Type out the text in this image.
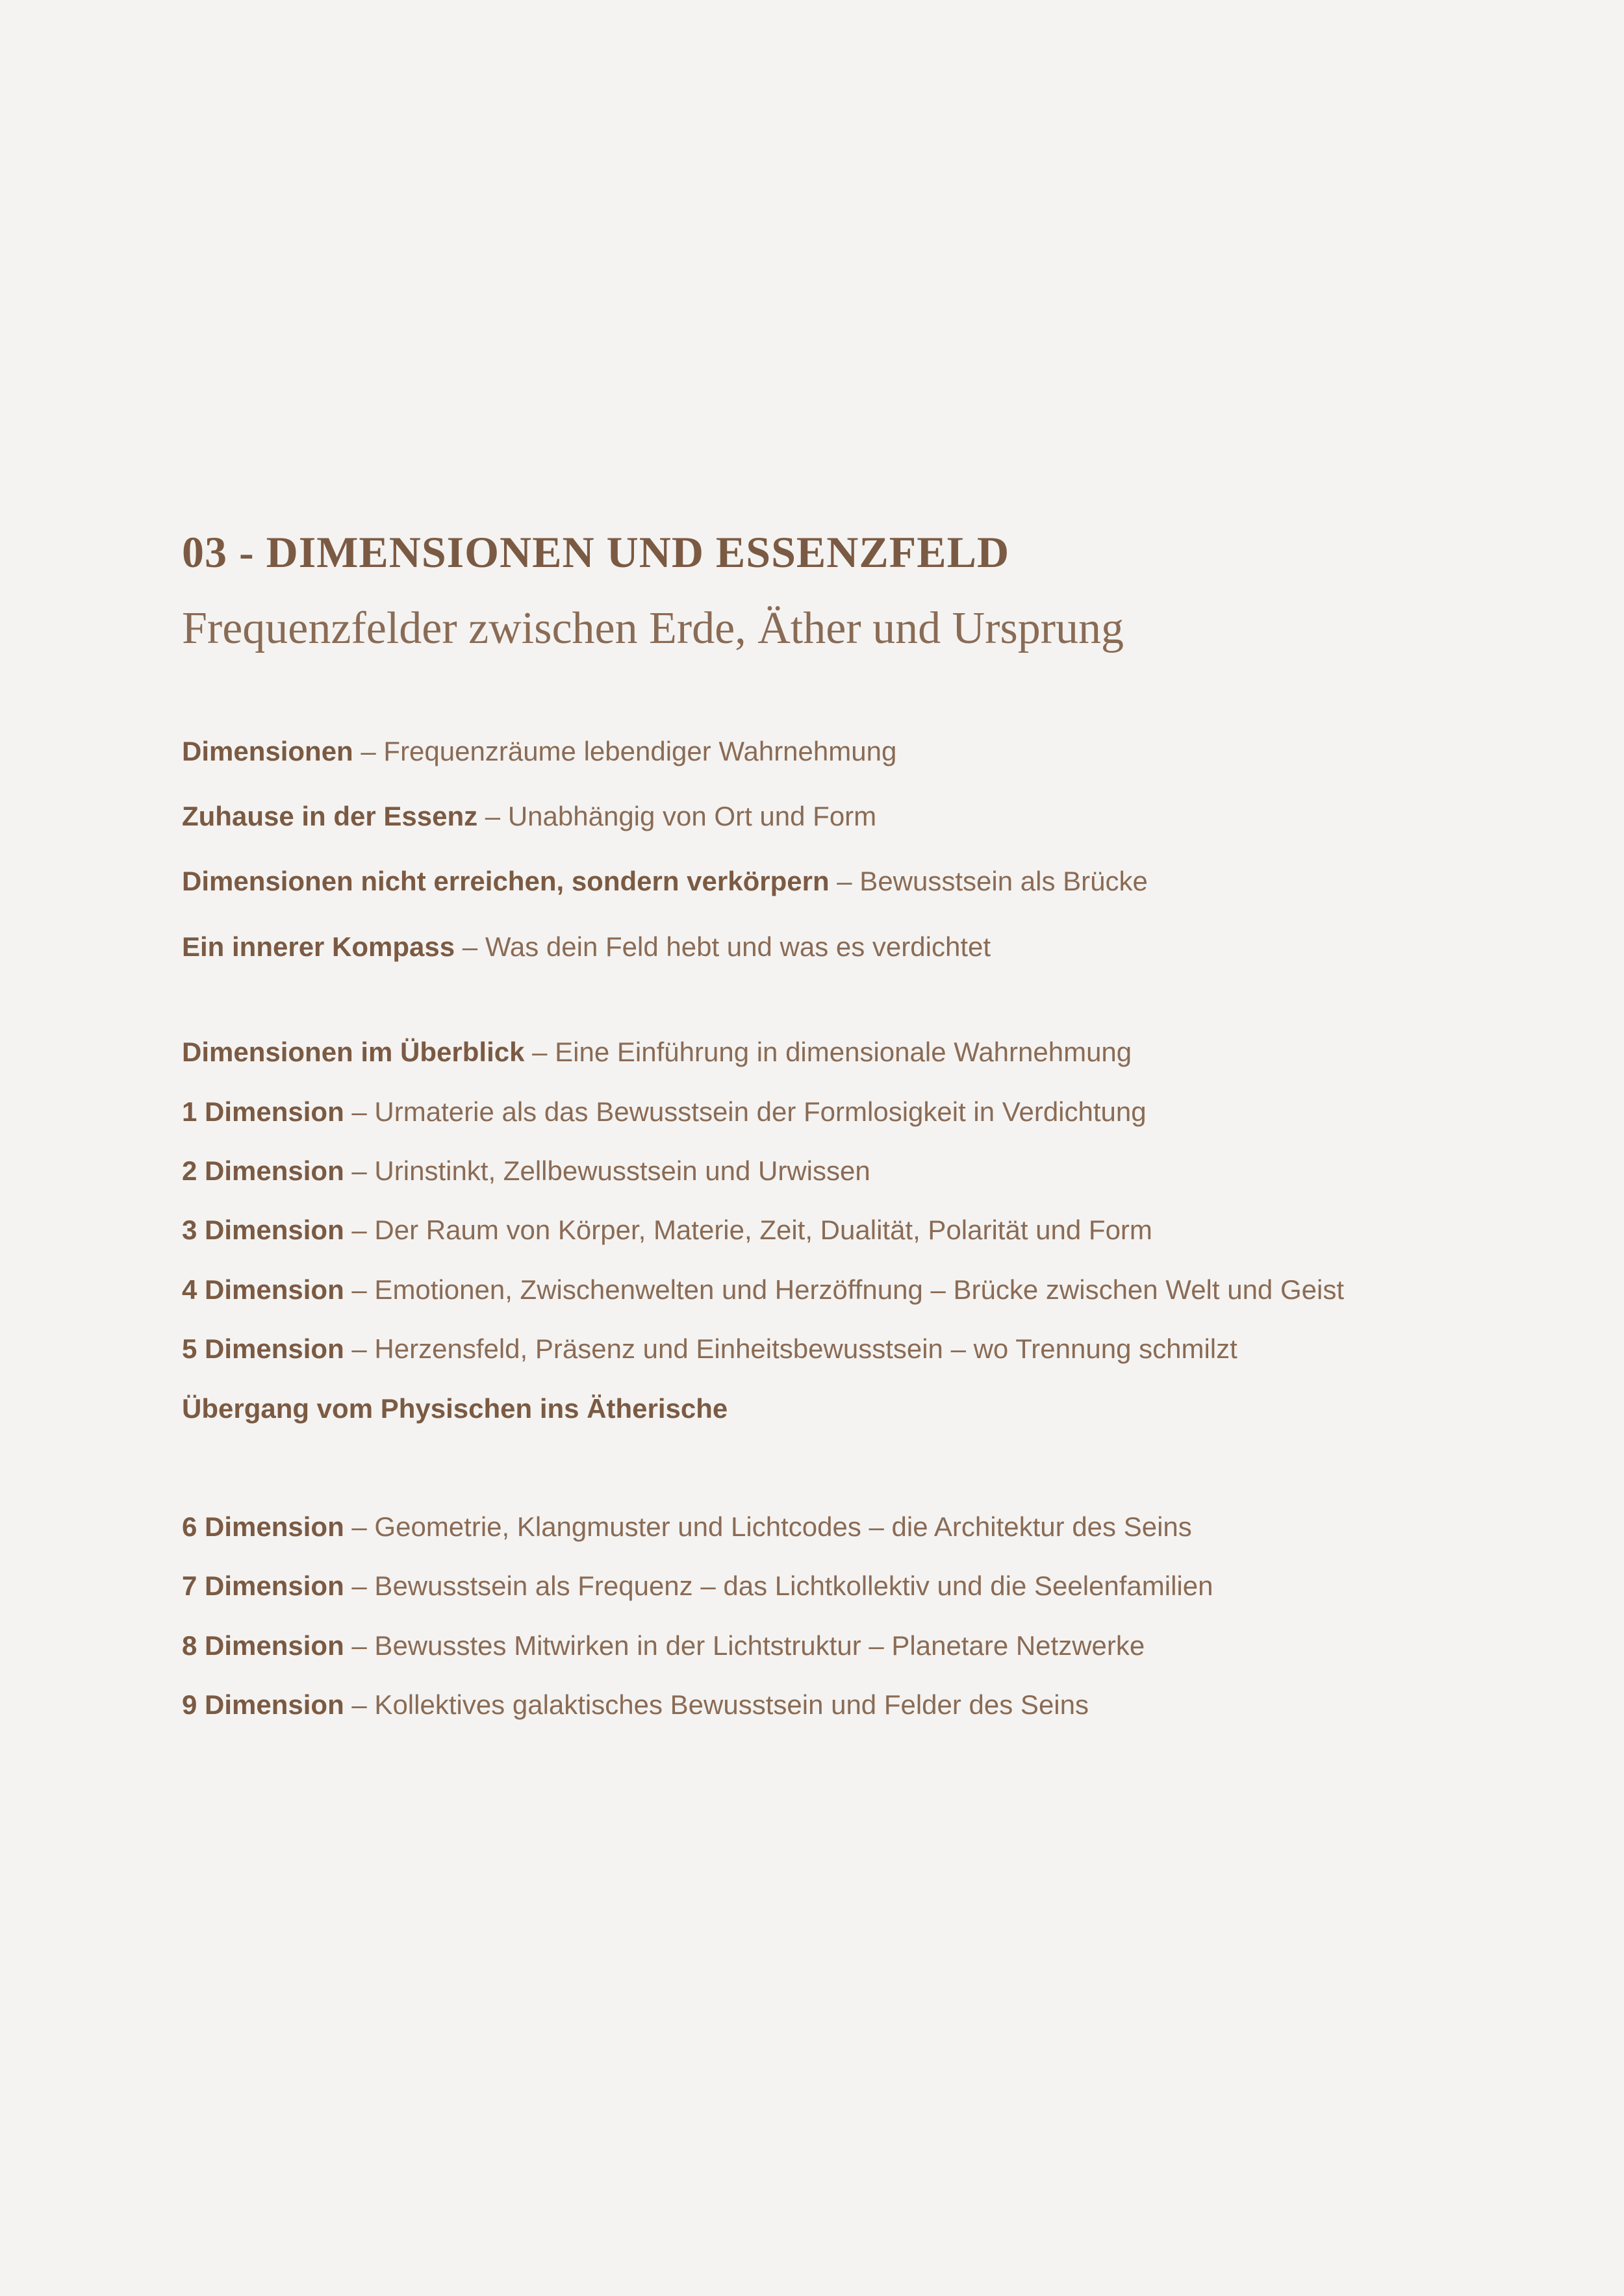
03 - DIMENSIONEN UND ESSENZFELD
Frequenzfelder zwischen Erde, Äther und Ursprung
Dimensionen – Frequenzräume lebendiger Wahrnehmung
Zuhause in der Essenz – Unabhängig von Ort und Form
Dimensionen nicht erreichen, sondern verkörpern – Bewusstsein als Brücke
Ein innerer Kompass – Was dein Feld hebt und was es verdichtet
Dimensionen im Überblick – Eine Einführung in dimensionale Wahrnehmung
1 Dimension – Urmaterie als das Bewusstsein der Formlosigkeit in Verdichtung
2 Dimension – Urinstinkt, Zellbewusstsein und Urwissen
3 Dimension – Der Raum von Körper, Materie, Zeit, Dualität, Polarität und Form
4 Dimension – Emotionen, Zwischenwelten und Herzöffnung – Brücke zwischen Welt und Geist
5 Dimension – Herzensfeld, Präsenz und Einheitsbewusstsein – wo Trennung schmilzt
Übergang vom Physischen ins Ätherische
6 Dimension – Geometrie, Klangmuster und Lichtcodes – die Architektur des Seins
7 Dimension – Bewusstsein als Frequenz – das Lichtkollektiv und die Seelenfamilien
8 Dimension – Bewusstes Mitwirken in der Lichtstruktur – Planetare Netzwerke
9 Dimension – Kollektives galaktisches Bewusstsein und Felder des Seins
